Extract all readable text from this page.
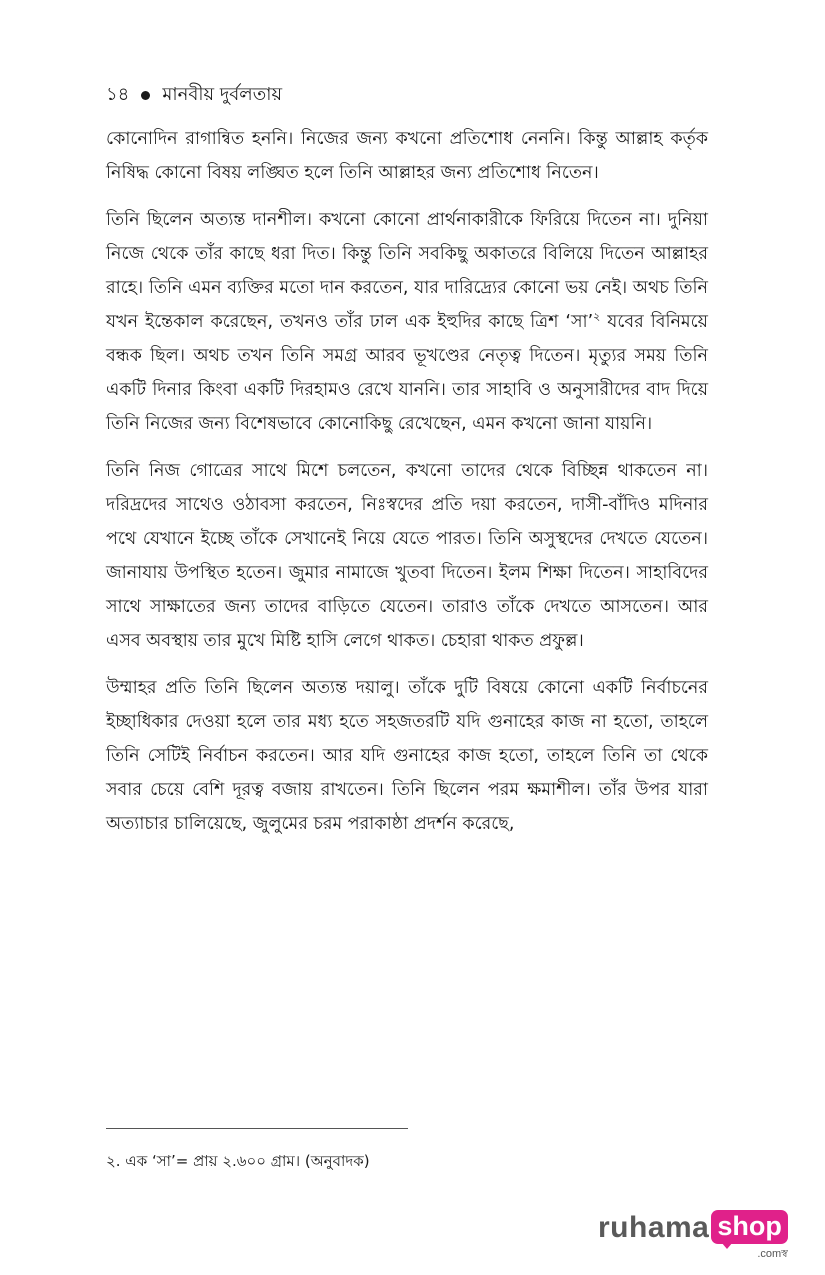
১৪ মানবীয় দুর্বলতায়

কোনোদিন রাগান্বিত হননি। নিজের জন্য কখনো প্রতিশোধ নেননি। কিন্তু আল্লাহ কর্তৃক নিষিদ্ধ কোনো বিষয় লঙ্ঘিত হলে তিনি আল্লাহর জন্য প্রতিশোধ নিতেন।

তিনি ছিলেন অত্যন্ত দানশীল। কখনো কোনো প্রার্থনাকারীকে ফিরিয়ে দিতেন না। দুনিয়া নিজে থেকে তাঁর কাছে ধরা দিত। কিন্তু তিনি সবকিছু অকাতরে বিলিয়ে দিতেন আল্লাহর রাহে। তিনি এমন ব্যক্তির মতো দান করতেন, যার দারিদ্র্যের কোনো ভয় নেই। অথচ তিনি যখন ইন্তেকাল করেছেন, তখনও তাঁর ঢাল এক ইহুদির কাছে ত্রিশ ‘সা’$^২$ যবের বিনিময়ে বন্ধক ছিল। অথচ তখন তিনি সমগ্র আরব ভূখণ্ডের নেতৃত্ব দিতেন। মৃত্যুর সময় তিনি একটি দিনার কিংবা একটি দিরহামও রেখে যাননি। তার সাহাবি ও অনুসারীদের বাদ দিয়ে তিনি নিজের জন্য বিশেষভাবে কোনোকিছু রেখেছেন, এমন কখনো জানা যায়নি।

তিনি নিজ গোত্রের সাথে মিশে চলতেন, কখনো তাদের থেকে বিচ্ছিন্ন থাকতেন না। দরিদ্রদের সাথেও ওঠাবসা করতেন, নিঃস্বদের প্রতি দয়া করতেন, দাসী-বাঁদিও মদিনার পথে যেখানে ইচ্ছে তাঁকে সেখানেই নিয়ে যেতে পারত। তিনি অসুস্থদের দেখতে যেতেন। জানাযায় উপস্থিত হতেন। জুমার নামাজে খুতবা দিতেন। ইলম শিক্ষা দিতেন। সাহাবিদের সাথে সাক্ষাতের জন্য তাদের বাড়িতে যেতেন। তারাও তাঁকে দেখতে আসতেন। আর এসব অবস্থায় তার মুখে মিষ্টি হাসি লেগে থাকত। চেহারা থাকত প্রফুল্ল।

উম্মাহর প্রতি তিনি ছিলেন অত্যন্ত দয়ালু। তাঁকে দুটি বিষয়ে কোনো একটি নির্বাচনের ইচ্ছাধিকার দেওয়া হলে তার মধ্য হতে সহজতরটি যদি গুনাহের কাজ না হতো, তাহলে তিনি সেটিই নির্বাচন করতেন। আর যদি গুনাহের কাজ হতো, তাহলে তিনি তা থেকে সবার চেয়ে বেশি দূরত্ব বজায় রাখতেন। তিনি ছিলেন পরম ক্ষমাশীল। তাঁর উপর যারা অত্যাচার চালিয়েছে, জুলুমের চরম পরাকাষ্ঠা প্রদর্শন করেছে,

২. এক ‘সা’= প্রায় ২.৬০০ গ্রাম। (অনুবাদক)
ruhama shop
.comস্ব
